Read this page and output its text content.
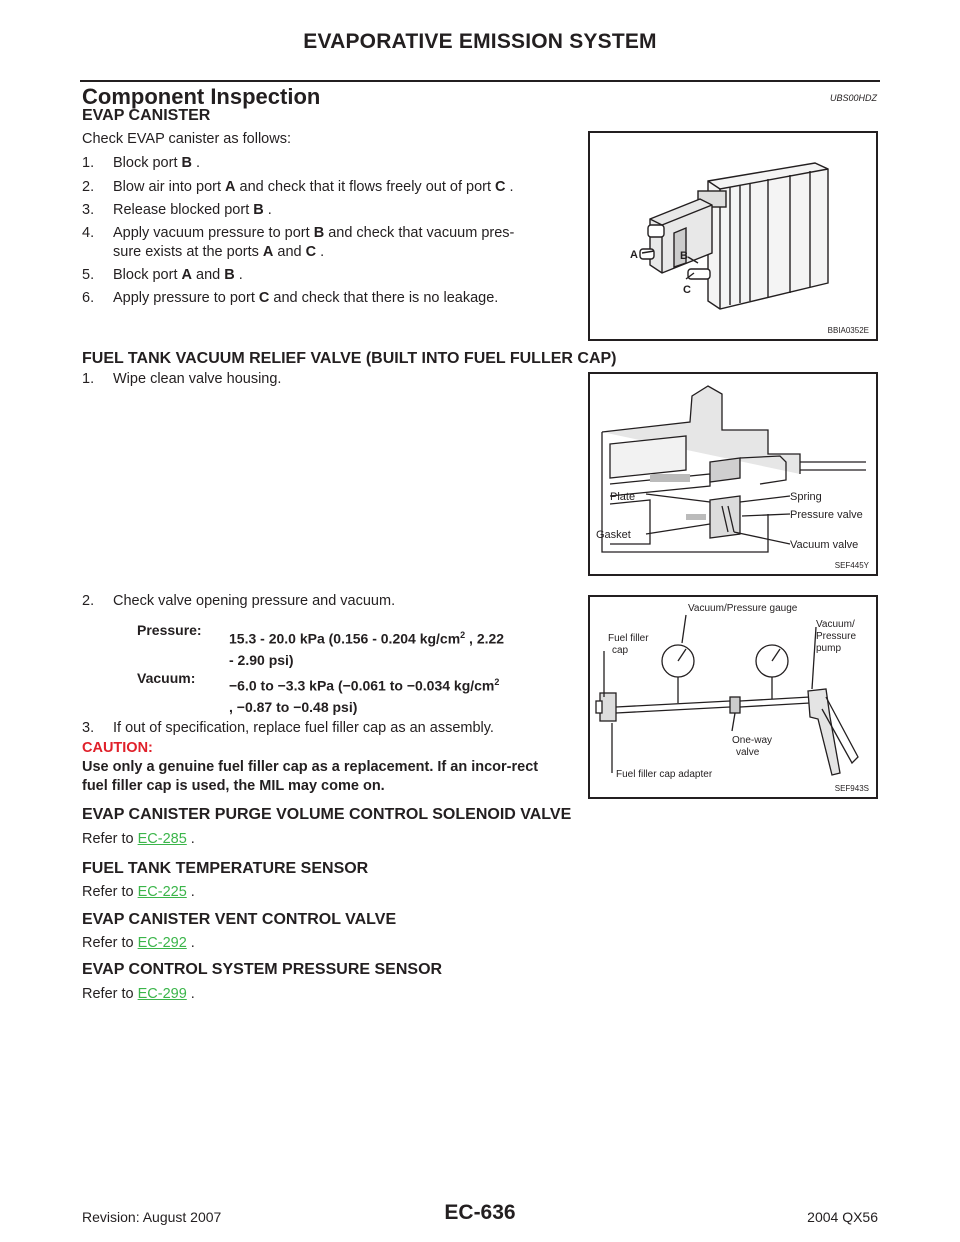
EVAPORATIVE EMISSION SYSTEM
Component Inspection	UBS00HDZ
EVAP CANISTER
Check EVAP canister as follows:
1. Block port B .
2. Blow air into port A and check that it flows freely out of port C .
3. Release blocked port B .
4. Apply vacuum pressure to port B and check that vacuum pres-
sure exists at the ports A and C .
5. Block port A and B .
6. Apply pressure to port C and check that there is no leakage.
A	B
C
BBIA0352E
FUEL TANK VACUUM RELIEF VALVE (BUILT INTO FUEL FULLER CAP)
1. Wipe clean valve housing.
Plate
Gasket
Spring
Pressure valve
Vacuum valve
SEF445Y
2. Check valve opening pressure and vacuum.
Pressure:
15.3 - 20.0 kPa (0.156 - 0.204 $kg/cm^2$ , 2.22
- 2.90 psi)
Vacuum: −6.0 to −3.3 kPa (−0.061 to −0.034 $kg/cm^2$
, −0.87 to −0.48 psi)
Vacuum/Pressure gauge
Fuel filler
cap
Vacuum/
Pressure
pump
One-way
valve
Fuel filler cap adapter
SEF943S
3. If out of specification, replace fuel filler cap as an assembly.
CAUTION:
Use only a genuine fuel filler cap as a replacement. If an incor-rect fuel filler cap is used, the MIL may come on.
EVAP CANISTER PURGE VOLUME CONTROL SOLENOID VALVE
Refer to EC-285 .
FUEL TANK TEMPERATURE SENSOR
Refer to EC-225 .
EVAP CANISTER VENT CONTROL VALVE
Refer to EC-292 .
EVAP CONTROL SYSTEM PRESSURE SENSOR
Refer to EC-299 .
Revision: August 2007	EC-636	2004 QX56
